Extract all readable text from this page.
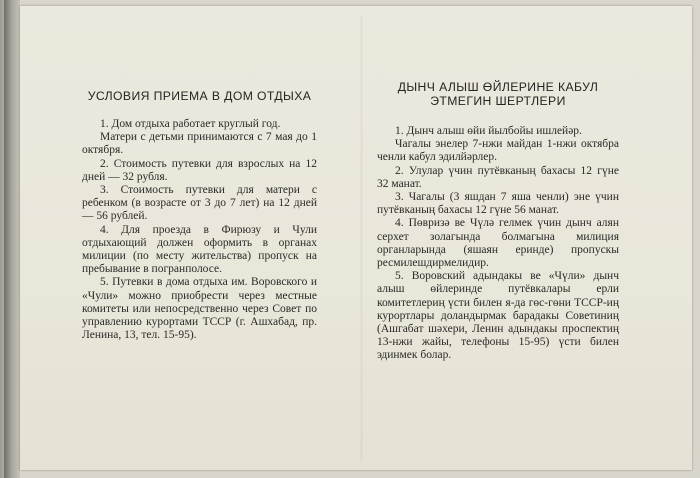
УСЛОВИЯ ПРИЕМА В ДОМ ОТДЫХА

1. Дом отдыха работает круглый год.

Матери с детьми принимаются с 7 мая до 1 октября.

2. Стоимость путевки для взрослых на 12 дней — 32 рубля.

3. Стоимость путевки для матери с ребенком (в возрасте от 3 до 7 лет) на 12 дней — 56 рублей.

4. Для проезда в Фирюзу и Чули отдыхающий должен оформить в органах милиции (по месту жительства) пропуск на пребывание в погранполосе.

5. Путевки в дома отдыха им. Воровского и «Чули» можно приобрести через местные комитеты или непосредственно через Совет по управлению курортами ТССР (г. Ашхабад, пр. Ленина, 13, тел. 15-95).

ДЫНЧ АЛЫШ ӨЙЛЕРИНЕ КАБУЛ
ЭТМЕГИН ШЕРТЛЕРИ

1. Дынч алыш өйи йылбойы ишлейәр.

Чагалы энелер 7-нжи майдан 1-нжи октябра ченли кабул эдилйәрлер.

2. Улулар үчин путёвканың бахасы 12 гүне 32 манат.

3. Чагалы (3 яшдан 7 яша ченли) эне үчин путёвканың бахасы 12 гүне 56 манат.

4. Пөвризә ве Чүлә гелмек үчин дынч алян серхет золагында болмагына милиция органларында (яшаян еринде) пропускы ресмилешдирмелидир.

5. Воровский адындакы ве «Чүли» дынч алыш өйлеринде путёвкалары ерли комитетлериң үсти билен я-да гөс-гөни ТССР-иң курортлары доландырмак барадакы Советиниң (Ашгабат шәхери, Ленин адындакы проспектиң 13-нжи жайы, телефоны 15-95) үсти билен эдинмек болар.
